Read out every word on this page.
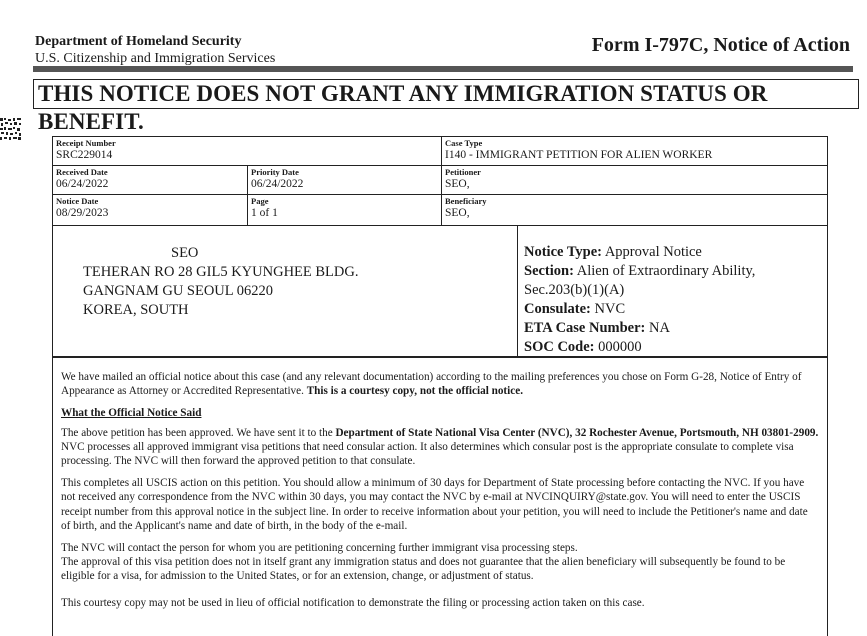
Department of Homeland Security
U.S. Citizenship and Immigration Services
Form I-797C, Notice of Action
THIS NOTICE DOES NOT GRANT ANY IMMIGRATION STATUS OR BENEFIT.
Receipt Number
SRC229014
Case Type
I140 - IMMIGRANT PETITION FOR ALIEN WORKER
Received Date
06/24/2022
Priority Date
06/24/2022
Petitioner
SEO,
Notice Date
08/29/2023
Page
1 of 1
Beneficiary
SEO,
SEO
TEHERAN RO 28 GIL5 KYUNGHEE BLDG.
GANGNAM GU SEOUL 06220
KOREA, SOUTH
Notice Type: Approval Notice
Section: Alien of Extraordinary Ability,
Sec.203(b)(1)(A)
Consulate: NVC
ETA Case Number: NA
SOC Code: 000000

We have mailed an official notice about this case (and any relevant documentation) according to the mailing preferences you chose on Form G-28, Notice of Entry of Appearance as Attorney or Accredited Representative. This is a courtesy copy, not the official notice.

What the Official Notice Said

The above petition has been approved. We have sent it to the Department of State National Visa Center (NVC), 32 Rochester Avenue, Portsmouth, NH 03801-2909. NVC processes all approved immigrant visa petitions that need consular action. It also determines which consular post is the appropriate consulate to complete visa processing. The NVC will then forward the approved petition to that consulate.

This completes all USCIS action on this petition. You should allow a minimum of 30 days for Department of State processing before contacting the NVC. If you have not received any correspondence from the NVC within 30 days, you may contact the NVC by e-mail at NVCINQUIRY@state.gov. You will need to enter the USCIS receipt number from this approval notice in the subject line. In order to receive information about your petition, you will need to include the Petitioner's name and date of birth, and the Applicant's name and date of birth, in the body of the e-mail.

The NVC will contact the person for whom you are petitioning concerning further immigrant visa processing steps.
The approval of this visa petition does not in itself grant any immigration status and does not guarantee that the alien beneficiary will subsequently be found to be eligible for a visa, for admission to the United States, or for an extension, change, or adjustment of status.

This courtesy copy may not be used in lieu of official notification to demonstrate the filing or processing action taken on this case.
